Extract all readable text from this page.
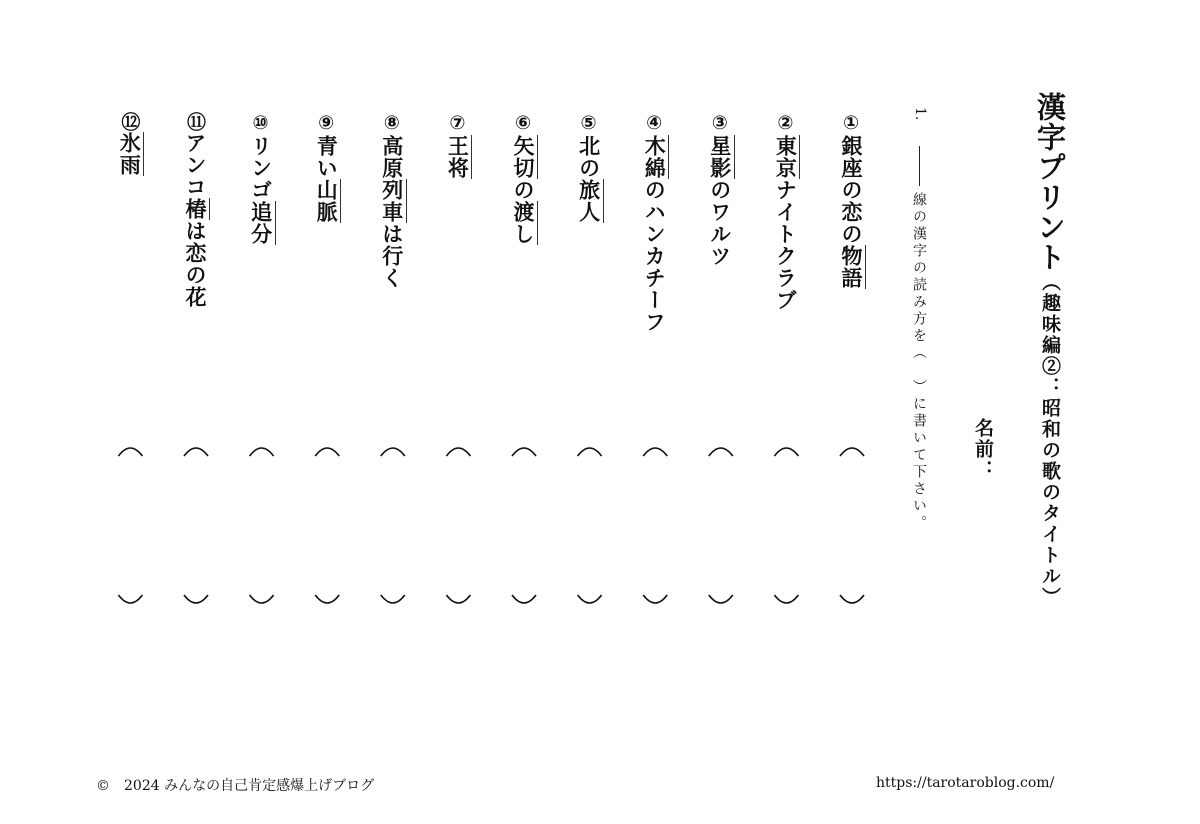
漢字プリント（趣味編②：昭和の歌のタイトル）
名前：
1.
線の漢字の読み方を（　）に書いて下さい。
①銀座の恋の物語
②東京ナイトクラブ
③星影のワルツ
④木綿のハンカチーフ
⑤北の旅人
⑥矢切の渡し
⑦王将
⑧高原列車は行く
⑨青い山脈
⑩リンゴ追分
⑪アンコ椿は恋の花
⑫氷雨
©　2024 みんなの自己肯定感爆上げブログ	https://tarotaroblog.com/
